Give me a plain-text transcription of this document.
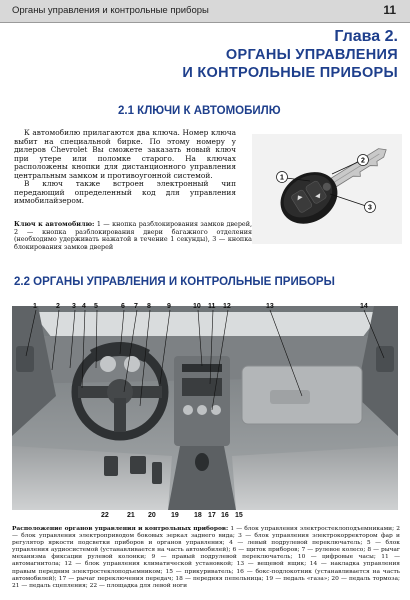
Органы управления и контрольные приборы	11
Глава 2.
ОРГАНЫ УПРАВЛЕНИЯ
И КОНТРОЛЬНЫЕ ПРИБОРЫ
2.1 КЛЮЧИ К АВТОМОБИЛЮ

К автомобилю прилагаются два ключа. Номер ключа выбит на специальной бирке. По этому номеру у дилеров Chevrolet Вы сможете заказать новый ключ при утере или поломке старого. На ключах расположены кнопки для дистанционного управления центральным замком и противоугонной системой.

В ключ также встроен электронный чип передающий определенный код для управления иммобилайзером.

Ключ к автомобилю: 1 — кнопка разблокирования замков дверей, 2 — кнопка разблокирования двери багажного отделения (необходимо удерживать нажатой в течение 1 секунды), 3 — кнопка блокирования замков дверей
1
2
3
2.2 ОРГАНЫ УПРАВЛЕНИЯ И КОНТРОЛЬНЫЕ ПРИБОРЫ
1	2 3 4 5	6 7 8 9	10 11 12	13	14
22	21 20 19 18 17 16 15
Расположение органов управления и контрольных приборов: 1 — блок управления электростеклоподъемниками; 2 — блок управления электроприводом боковых зеркал заднего вида; 3 — блок управления электрокорректором фар и регулятор яркости подсветки приборов и органов управления; 4 — левый подрулевой переключатель; 5 — блок управления аудиосистемой (устанавливается на часть автомобилей); 6 — щиток приборов; 7 — рулевое колесо; 8 — рычаг механизма фиксации рулевой колонки; 9 — правый подрулевой переключатель; 10 — цифровые часы; 11 — автомагнитола; 12 — блок управления климатической установкой; 13 — вещевой ящик; 14 — накладка управления правым передним электростеклоподъемником; 15 — прикуриватель; 16 — бокс-подлокотник (устанавливается на часть автомобилей); 17 — рычаг переключения передач; 18 — передняя пепельница; 19 — педаль «газа»; 20 — педаль тормоза; 21 — педаль сцепления; 22 — площадка для левой ноги
